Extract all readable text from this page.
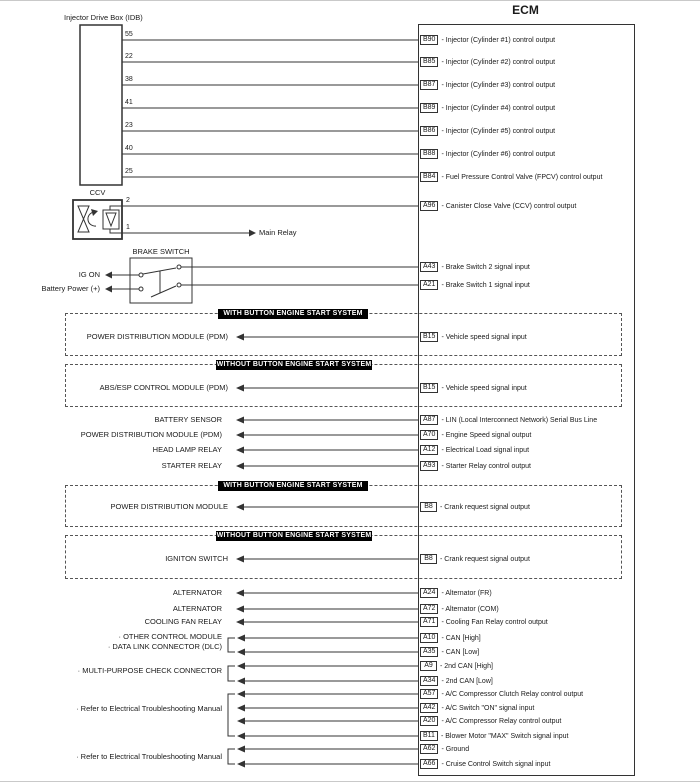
WITH BUTTON ENGINE START SYSTEM
WITHOUT BUTTON ENGINE START SYSTEM
WITH BUTTON ENGINE START SYSTEM
WITHOUT BUTTON ENGINE START SYSTEM
ECM
Injector Drive Box (IDB)
CCV
BRAKE SWITCH
55
22
38
41
23
40
25
2
1
Main Relay
IG ON
Battery Power (+)
POWER DISTRIBUTION MODULE (PDM)
ABS/ESP CONTROL MODULE (PDM)
BATTERY SENSOR
POWER DISTRIBUTION MODULE (PDM)
HEAD LAMP RELAY
STARTER RELAY
POWER DISTRIBUTION MODULE
IGNITON SWITCH
ALTERNATOR
ALTERNATOR
COOLING FAN RELAY
· OTHER CONTROL MODULE
· DATA LINK CONNECTOR (DLC)
· MULTI-PURPOSE CHECK CONNECTOR
· Refer to Electrical Troubleshooting Manual
· Refer to Electrical Troubleshooting Manual
B90 - Injector (Cylinder #1) control output
B85 - Injector (Cylinder #2) control output
B87 - Injector (Cylinder #3) control output
B89 - Injector (Cylinder #4) control output
B86 - Injector (Cylinder #5) control output
B88 - Injector (Cylinder #6) control output
B84 - Fuel Pressure Control Valve (FPCV) control output
A96 - Canister Close Valve (CCV) control output
A43 - Brake Switch 2 signal input
A21 - Brake Switch 1 signal input
B15 - Vehicle speed signal input
B15 - Vehicle speed signal input
A87 - LIN (Local Interconnect Network) Serial Bus Line
A70 - Engine Speed signal output
A12 - Electrical Load signal input
A93 - Starter Relay control output
B8	- Crank request signal output
B8	- Crank request signal output
A24 - Alternator (FR)
A72 - Alternator (COM)
A71 - Cooling Fan Relay control output
A10 - CAN [High]
A35 - CAN [Low]
A9	- 2nd CAN [High]
A34 - 2nd CAN [Low]
A57 - A/C Compressor Clutch Relay control output
A42 - A/C Switch "ON" signal input
A20 - A/C Compressor Relay control output
B11 - Blower Motor "MAX" Switch signal input
A62 - Ground
A66 - Cruise Control Switch signal input
